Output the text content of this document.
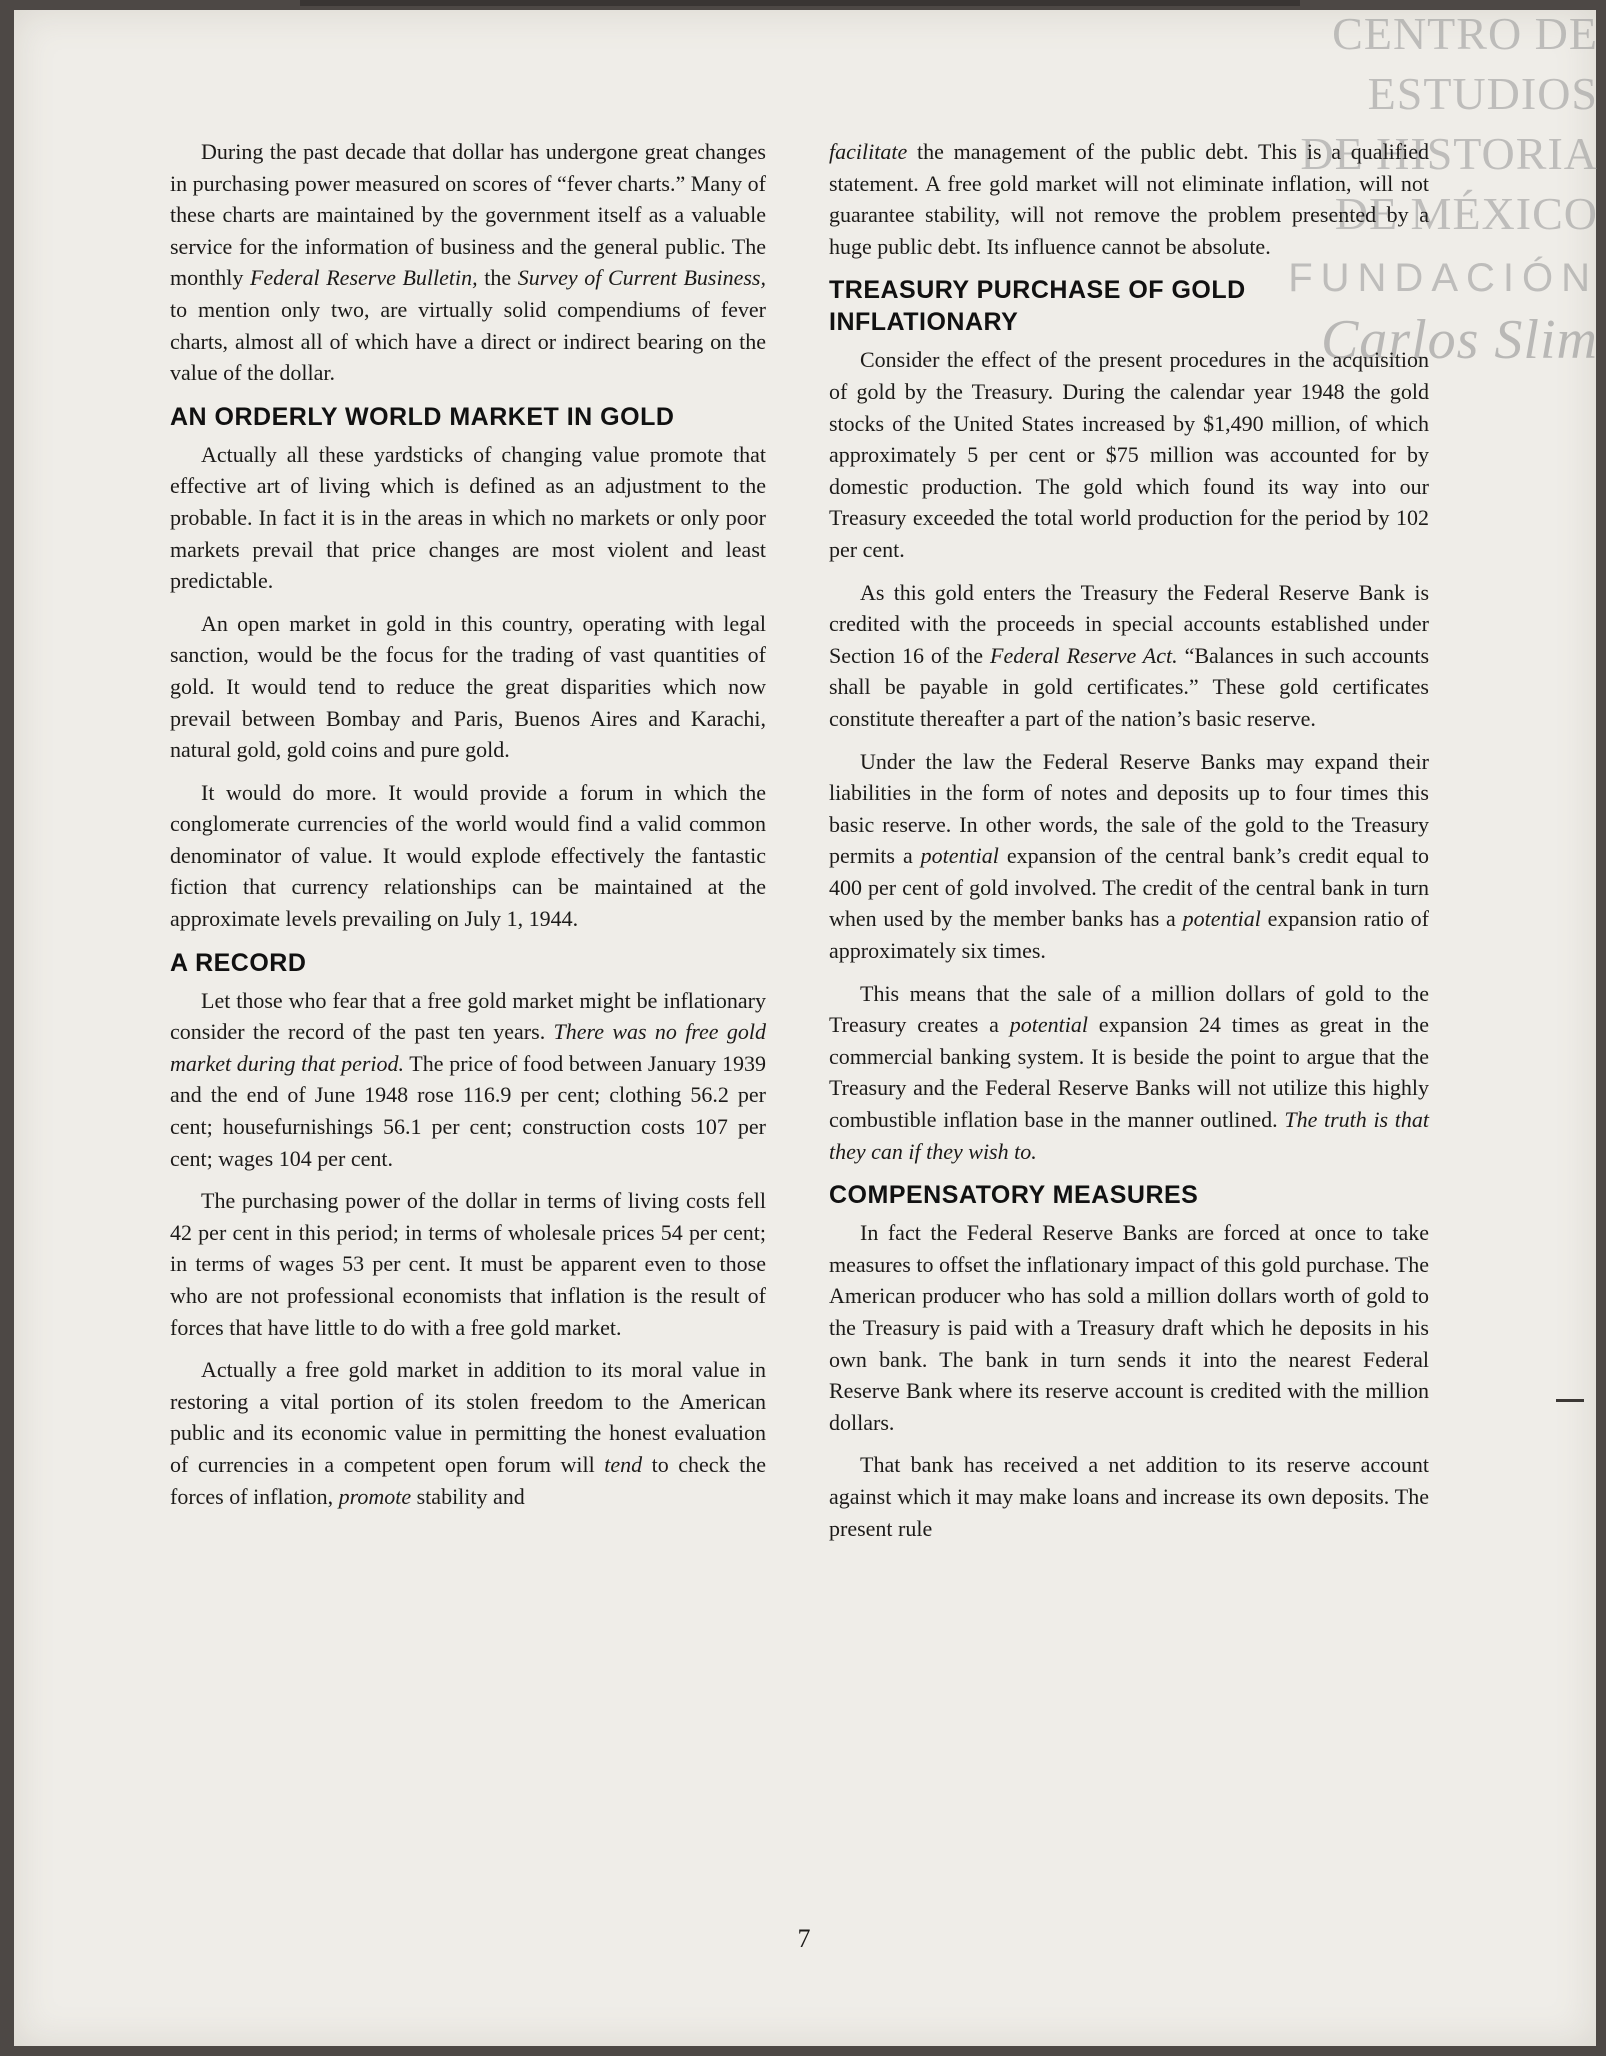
CENTRO DE
ESTUDIOS
DE HISTORIA
DE MÉXICO
FUNDACIÓN
Carlos Slim

During the past decade that dollar has undergone great changes in purchasing power measured on scores of “fever charts.” Many of these charts are maintained by the government itself as a valuable service for the information of business and the general public. The monthly Federal Reserve Bulletin, the Survey of Current Business, to mention only two, are virtually solid compendiums of fever charts, almost all of which have a direct or indirect bearing on the value of the dollar.

AN ORDERLY WORLD MARKET IN GOLD

Actually all these yardsticks of changing value promote that effective art of living which is defined as an adjustment to the probable. In fact it is in the areas in which no markets or only poor markets prevail that price changes are most violent and least predictable.

An open market in gold in this country, operating with legal sanction, would be the focus for the trading of vast quantities of gold. It would tend to reduce the great disparities which now prevail between Bombay and Paris, Buenos Aires and Karachi, natural gold, gold coins and pure gold.

It would do more. It would provide a forum in which the conglomerate currencies of the world would find a valid common denominator of value. It would explode effectively the fantastic fiction that currency relationships can be maintained at the approximate levels prevailing on July 1, 1944.

A RECORD

Let those who fear that a free gold market might be inflationary consider the record of the past ten years. There was no free gold market during that period. The price of food between January 1939 and the end of June 1948 rose 116.9 per cent; clothing 56.2 per cent; housefurnishings 56.1 per cent; construction costs 107 per cent; wages 104 per cent.

The purchasing power of the dollar in terms of living costs fell 42 per cent in this period; in terms of wholesale prices 54 per cent; in terms of wages 53 per cent. It must be apparent even to those who are not professional economists that inflation is the result of forces that have little to do with a free gold market.

Actually a free gold market in addition to its moral value in restoring a vital portion of its stolen freedom to the American public and its economic value in permitting the honest evaluation of currencies in a competent open forum will tend to check the forces of inflation, promote stability and

facilitate the management of the public debt. This is a qualified statement. A free gold market will not eliminate inflation, will not guarantee stability, will not remove the problem presented by a huge public debt. Its influence cannot be absolute.

TREASURY PURCHASE OF GOLD INFLATIONARY

Consider the effect of the present procedures in the acquisition of gold by the Treasury. During the calendar year 1948 the gold stocks of the United States increased by $1,490 million, of which approximately 5 per cent or $75 million was accounted for by domestic production. The gold which found its way into our Treasury exceeded the total world production for the period by 102 per cent.

As this gold enters the Treasury the Federal Reserve Bank is credited with the proceeds in special accounts established under Section 16 of the Federal Reserve Act. “Balances in such accounts shall be payable in gold certificates.” These gold certificates constitute thereafter a part of the nation’s basic reserve.

Under the law the Federal Reserve Banks may expand their liabilities in the form of notes and deposits up to four times this basic reserve. In other words, the sale of the gold to the Treasury permits a potential expansion of the central bank’s credit equal to 400 per cent of gold involved. The credit of the central bank in turn when used by the member banks has a potential expansion ratio of approximately six times.

This means that the sale of a million dollars of gold to the Treasury creates a potential expansion 24 times as great in the commercial banking system. It is beside the point to argue that the Treasury and the Federal Reserve Banks will not utilize this highly combustible inflation base in the manner outlined. The truth is that they can if they wish to.

COMPENSATORY MEASURES

In fact the Federal Reserve Banks are forced at once to take measures to offset the inflationary impact of this gold purchase. The American producer who has sold a million dollars worth of gold to the Treasury is paid with a Treasury draft which he deposits in his own bank. The bank in turn sends it into the nearest Federal Reserve Bank where its reserve account is credited with the million dollars.

That bank has received a net addition to its reserve account against which it may make loans and increase its own deposits. The present rule

7
